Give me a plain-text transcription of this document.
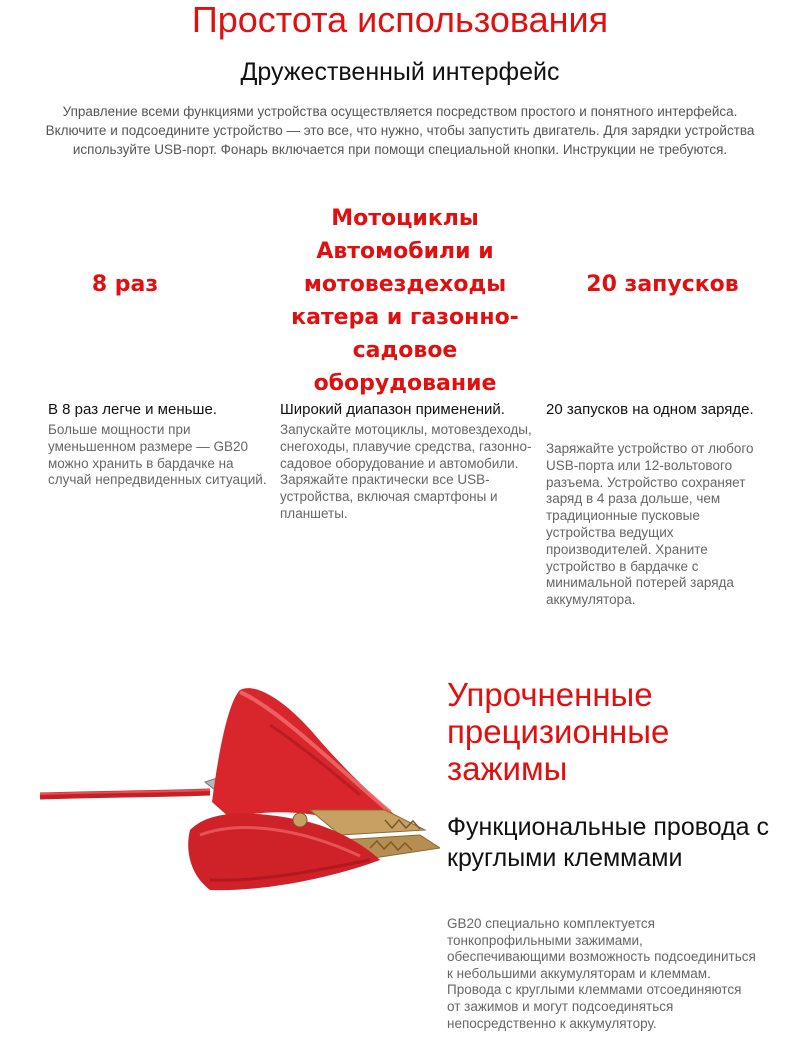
Простота использования
Дружественный интерфейс
Управление всеми функциями устройства осуществляется посредством простого и понятного интерфейса. Включите и подсоедините устройство — это все, что нужно, чтобы запустить двигатель. Для зарядки устройства используйте USB-порт. Фонарь включается при помощи специальной кнопки. Инструкции не требуются.
8 раз
Мотоциклы Автомобили и мотовездеходы катера и газонно-садовое оборудование
20 запусков
В 8 раз легче и меньше.
Больше мощности при уменьшенном размере — GB20 можно хранить в бардачке на случай непредвиденных ситуаций.
Широкий диапазон применений.
Запускайте мотоциклы, мотовездеходы, снегоходы, плавучие средства, газонно-садовое оборудование и автомобили. Заряжайте практически все USB-устройства, включая смартфоны и планшеты.
20 запусков на одном заряде.
Заряжайте устройство от любого USB-порта или 12-вольтового разъема. Устройство сохраняет заряд в 4 раза дольше, чем традиционные пусковые устройства ведущих производителей. Храните устройство в бардачке с минимальной потерей заряда аккумулятора.
Упрочненные прецизионные зажимы
Функциональные провода с круглыми клеммами
GB20 специально комплектуется
тонкопрофильными зажимами,
обеспечивающими возможность подсоединиться
к небольшими аккумуляторам и клеммам.
Провода с круглыми клеммами отсоединяются
от зажимов и могут подсоединяться
непосредственно к аккумулятору.
